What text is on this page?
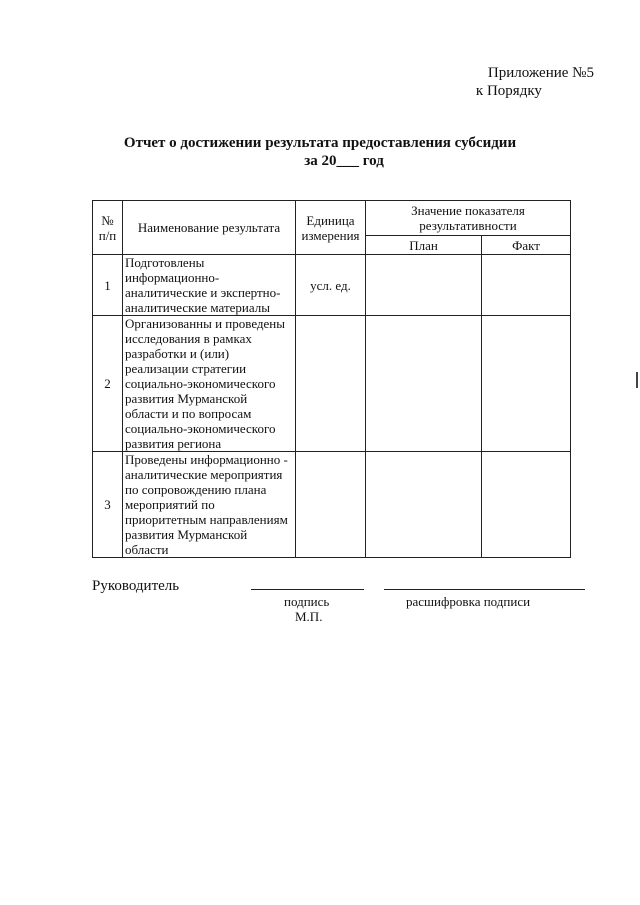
Приложение №5
к Порядку
Отчет о достижении результата предоставления субсидии
за 20___ год
№ п/п	Наименование результата	Единица измерения	Значение показателя результативности	
			План	Факт
1	Подготовлены информационно-аналитические и экспертно-аналитические материалы	усл. ед.		
2	Организованны и проведены исследования в рамках разработки и (или) реализации стратегии социально-экономического развития Мурманской области и по вопросам социально-экономического развития региона			
3	Проведены информационно - аналитические мероприятия по сопровождению плана мероприятий по приоритетным направлениям развития Мурманской области			
Руководитель
подпись	расшифровка подписи
М.П.
